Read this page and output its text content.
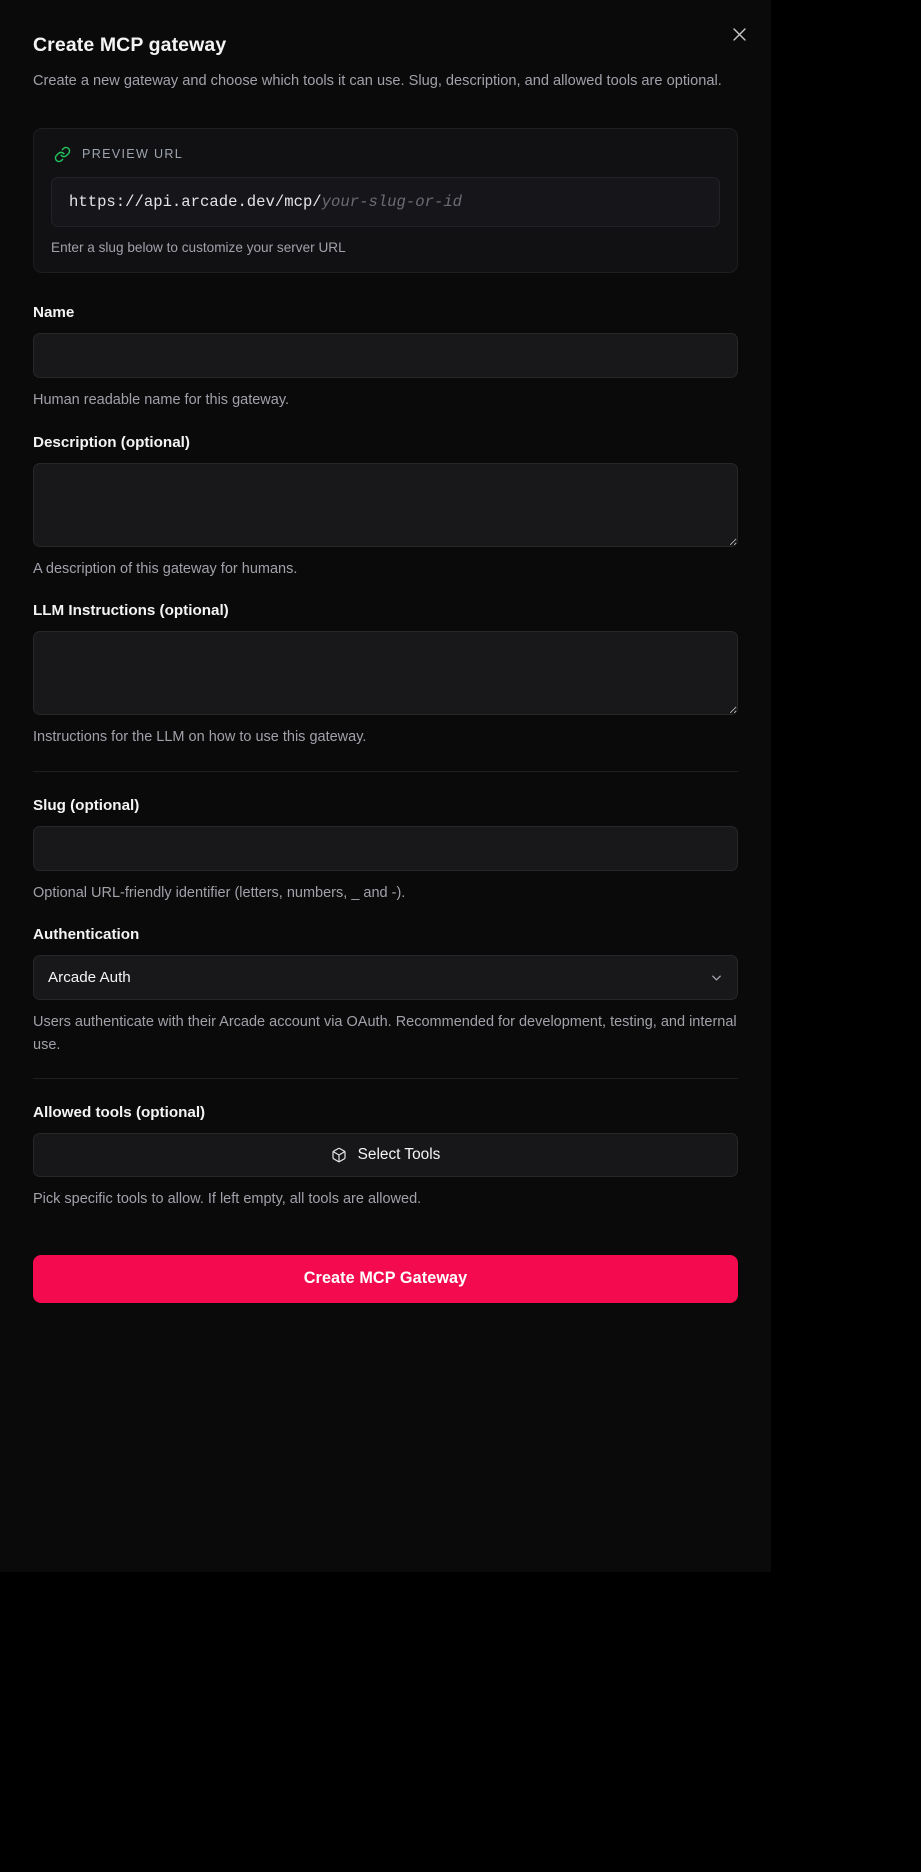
Create MCP gateway

Create a new gateway and choose which tools it can use. Slug, description, and allowed tools are optional.

PREVIEW URL
https://api.arcade.dev/mcp/your-slug-or-id
Enter a slug below to customize your server URL
Name
Human readable name for this gateway.
Description (optional)
A description of this gateway for humans.
LLM Instructions (optional)
Instructions for the LLM on how to use this gateway.
Slug (optional)
Optional URL-friendly identifier (letters, numbers, _ and -).
Authentication
Arcade Auth
Users authenticate with their Arcade account via OAuth. Recommended for development, testing, and internal use.
Allowed tools (optional)
Select Tools
Pick specific tools to allow. If left empty, all tools are allowed.
Create MCP Gateway
